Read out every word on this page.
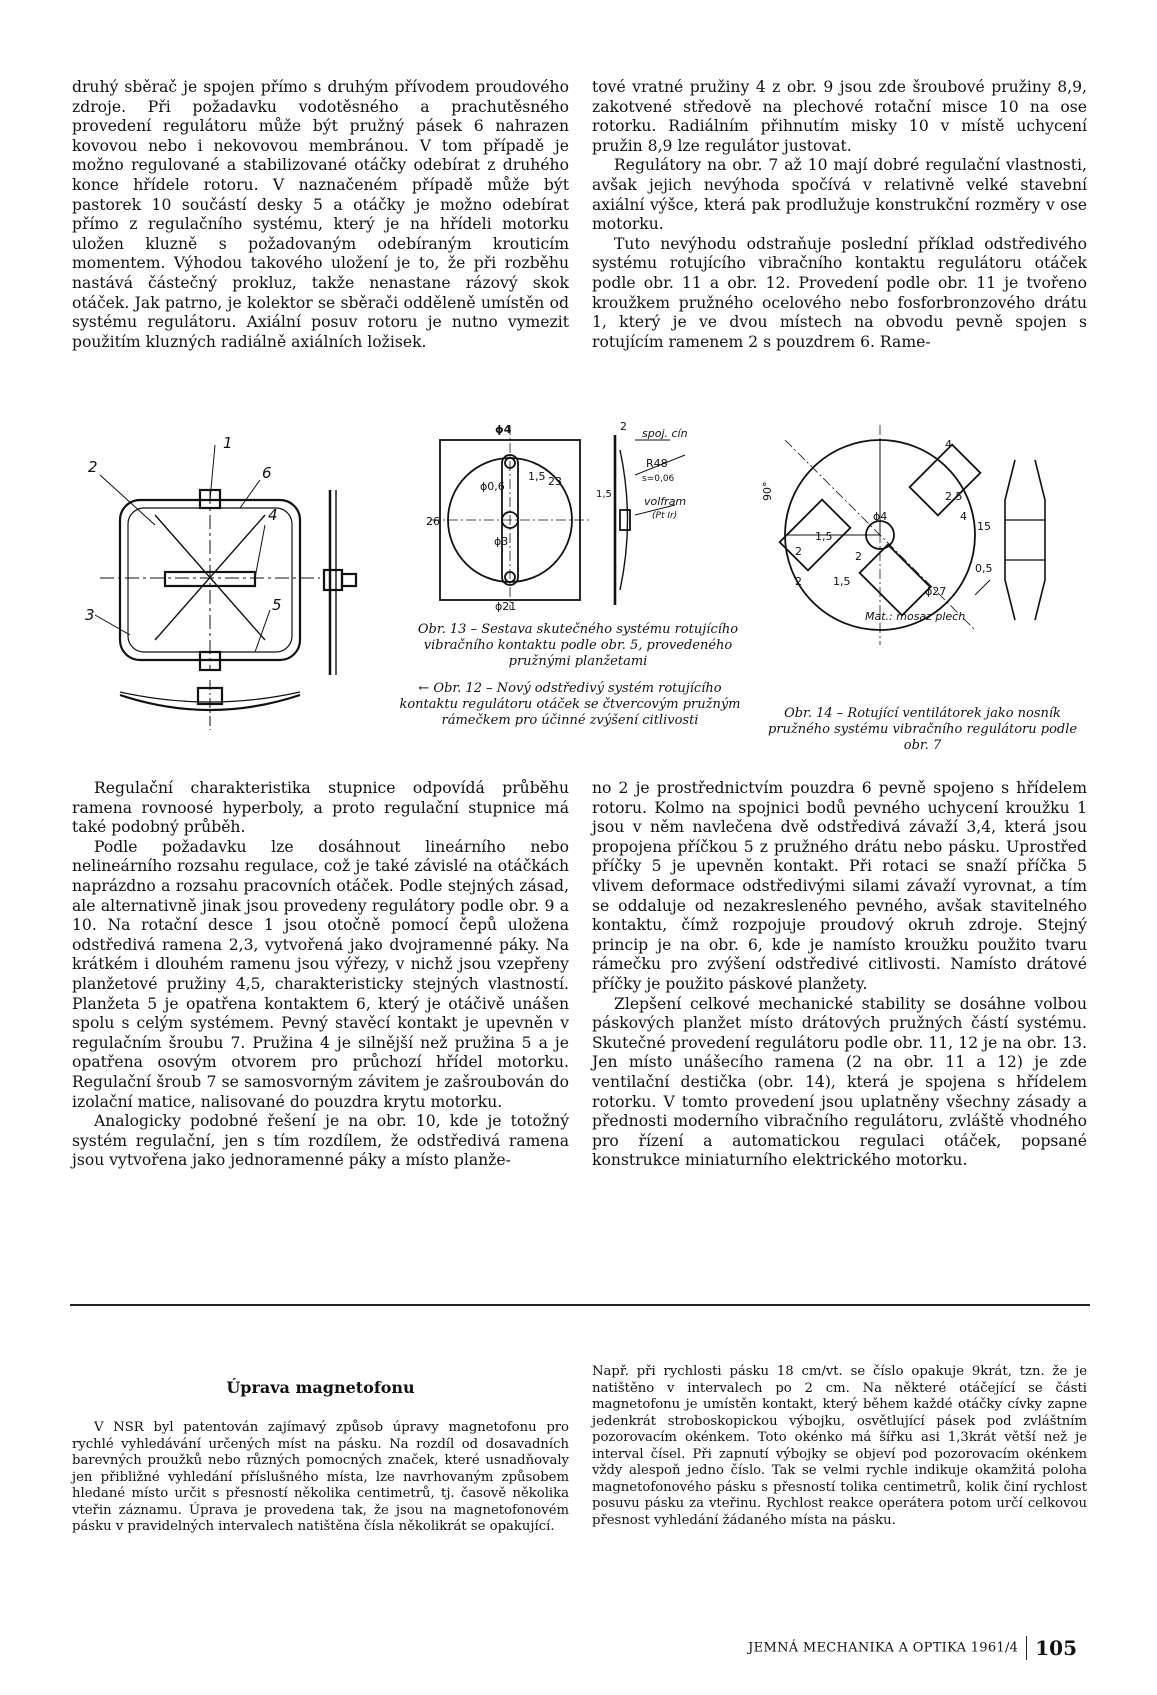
druhý sběrač je spojen přímo s druhým přívodem proudového zdroje. Při požadavku vodotěsného a prachutěsného provedení regulátoru může být pružný pásek 6 nahrazen kovovou nebo i nekovovou membránou. V tom případě je možno regulované a stabilizované otáčky odebírat z druhého konce hřídele rotoru. V naznačeném případě může být pastorek 10 součástí desky 5 a otáčky je možno odebírat přímo z regulačního systému, který je na hřídeli motorku uložen kluzně s požadovaným odebíraným krouticím momentem. Výhodou takového uložení je to, že při rozběhu nastává částečný prokluz, takže nenastane rázový skok otáček. Jak patrno, je kolektor se sběrači odděleně umístěn od systému regulátoru. Axiální posuv rotoru je nutno vymezit použitím kluzných radiálně axiálních ložisek.

tové vratné pružiny 4 z obr. 9 jsou zde šroubové pružiny 8,9, zakotvené středově na plechové rotační misce 10 na ose rotorku. Radiálním přihnutím misky 10 v místě uchycení pružin 8,9 lze regulátor justovat.

Regulátory na obr. 7 až 10 mají dobré regulační vlastnosti, avšak jejich nevýhoda spočívá v relativně velké stavební axiální výšce, která pak prodlužuje konstrukční rozměry v ose motorku.

Tuto nevýhodu odstraňuje poslední příklad odstředivého systému rotujícího vibračního kontaktu regulátoru otáček podle obr. 11 a obr. 12. Provedení podle obr. 11 je tvořeno kroužkem pružného ocelového nebo fosforbronzového drátu 1, který je ve dvou místech na obvodu pevně spojen s rotujícím ramenem 2 s pouzdrem 6. Rame-

1
2	6
4
5
3
ϕ4
ϕ0,6
26
ϕ3
ϕ21
1,5 23
2
spoj. cín
R48
s=0,06
1,5
volfram
(Pt Ir)	ϕ4
90°
2
2	1,5
2
1,5
2,5
4
4
15
ϕ27
0,5
Mat.: mosaz plech
Obr. 13 – Sestava skutečného systému rotujícího vibračního kontaktu podle obr. 5, provedeného pružnými planžetami
← Obr. 12 – Nový odstředivý systém rotujícího kontaktu regulátoru otáček se čtvercovým pružným rámečkem pro účinné zvýšení citlivosti	Obr. 14 – Rotující ventilátorek jako nosník pružného systému vibračního regulátoru podle obr. 7

Regulační charakteristika stupnice odpovídá průběhu ramena rovnoosé hyperboly, a proto regulační stupnice má také podobný průběh.

Podle požadavku lze dosáhnout lineárního nebo nelineárního rozsahu regulace, což je také závislé na otáčkách naprázdno a rozsahu pracovních otáček. Podle stejných zásad, ale alternativně jinak jsou provedeny regulátory podle obr. 9 a 10. Na rotační desce 1 jsou otočně pomocí čepů uložena odstředivá ramena 2,3, vytvořená jako dvojramenné páky. Na krátkém i dlouhém ramenu jsou výřezy, v nichž jsou vzepřeny planžetové pružiny 4,5, charakteristicky stejných vlastností. Planžeta 5 je opatřena kontaktem 6, který je otáčivě unášen spolu s celým systémem. Pevný stavěcí kontakt je upevněn v regulačním šroubu 7. Pružina 4 je silnější než pružina 5 a je opatřena osovým otvorem pro průchozí hřídel motorku. Regulační šroub 7 se samosvorným závitem je zašroubován do izolační matice, nalisované do pouzdra krytu motorku.

Analogicky podobné řešení je na obr. 10, kde je totožný systém regulační, jen s tím rozdílem, že odstředivá ramena jsou vytvořena jako jednoramenné páky a místo planže-

no 2 je prostřednictvím pouzdra 6 pevně spojeno s hřídelem rotoru. Kolmo na spojnici bodů pevného uchycení kroužku 1 jsou v něm navlečena dvě odstředivá závaží 3,4, která jsou propojena příčkou 5 z pružného drátu nebo pásku. Uprostřed příčky 5 je upevněn kontakt. Při rotaci se snaží příčka 5 vlivem deformace odstředivými silami závaží vyrovnat, a tím se oddaluje od nezakresleného pevného, avšak stavitelného kontaktu, čímž rozpojuje proudový okruh zdroje. Stejný princip je na obr. 6, kde je namísto kroužku použito tvaru rámečku pro zvýšení odstředivé citlivosti. Namísto drátové příčky je použito páskové planžety.

Zlepšení celkové mechanické stability se dosáhne volbou páskových planžet místo drátových pružných částí systému. Skutečné provedení regulátoru podle obr. 11, 12 je na obr. 13. Jen místo unášecího ramena (2 na obr. 11 a 12) je zde ventilační destička (obr. 14), která je spojena s hřídelem rotorku. V tomto provedení jsou uplatněny všechny zásady a přednosti moderního vibračního regulátoru, zvláště vhodného pro řízení a automatickou regulaci otáček, popsané konstrukce miniaturního elektrického motorku.

Úprava magnetofonu

V NSR byl patentován zajímavý způsob úpravy magnetofonu pro rychlé vyhledávání určených míst na pásku. Na rozdíl od dosavadních barevných proužků nebo různých pomocných značek, které usnadňovaly jen přibližné vyhledání příslušného místa, lze navrhovaným způsobem hledané místo určit s přesností několika centimetrů, tj. časově několika vteřin záznamu. Úprava je provedena tak, že jsou na magnetofonovém pásku v pravidelných intervalech natištěna čísla několikrát se opakující.

Např. při rychlosti pásku 18 cm/vt. se číslo opakuje 9krát, tzn. že je natištěno v intervalech po 2 cm. Na některé otáčející se části magnetofonu je umístěn kontakt, který během každé otáčky cívky zapne jedenkrát stroboskopickou výbojku, osvětlující pásek pod zvláštním pozorovacím okénkem. Toto okénko má šířku asi 1,3krát větší než je interval čísel. Při zapnutí výbojky se objeví pod pozorovacím okénkem vždy alespoň jedno číslo. Tak se velmi rychle indikuje okamžitá poloha magnetofonového pásku s přesností tolika centimetrů, kolik činí rychlost posuvu pásku za vteřinu. Rychlost reakce operátera potom určí celkovou přesnost vyhledání žádaného místa na pásku.

JEMNÁ MECHANIKA A OPTIKA 1961/4 105
